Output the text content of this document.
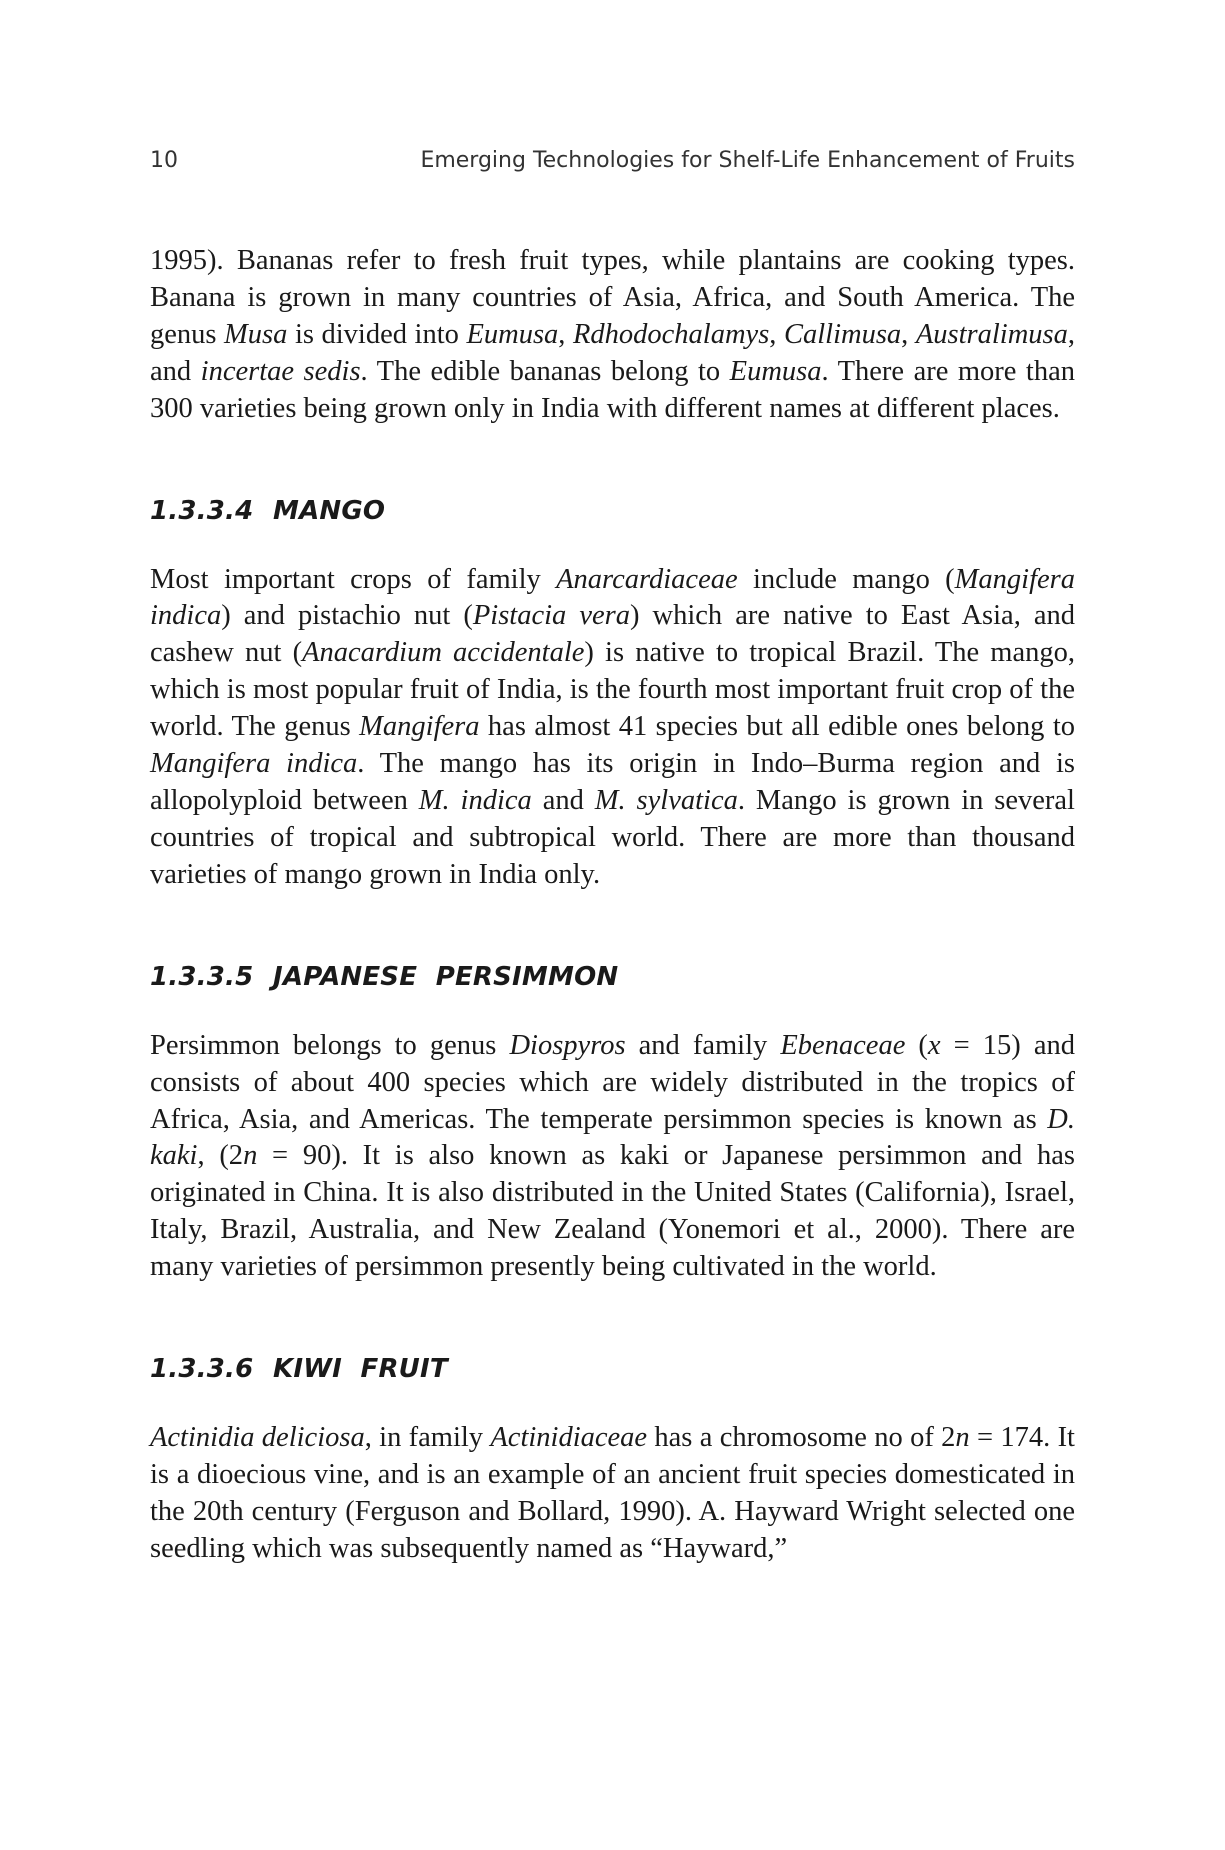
10	Emerging Technologies for Shelf-Life Enhancement of Fruits

1995). Bananas refer to fresh fruit types, while plantains are cooking types. Banana is grown in many countries of Asia, Africa, and South America. The genus Musa is divided into Eumusa, Rdhodochalamys, Callimusa, Australimusa, and incertae sedis. The edible bananas belong to Eumusa. There are more than 300 varieties being grown only in India with different names at different places.

1.3.3.4 MANGO

Most important crops of family Anarcardiaceae include mango (Mangifera indica) and pistachio nut (Pistacia vera) which are native to East Asia, and cashew nut (Anacardium accidentale) is native to tropical Brazil. The mango, which is most popular fruit of India, is the fourth most important fruit crop of the world. The genus Mangifera has almost 41 species but all edible ones belong to Mangifera indica. The mango has its origin in Indo–Burma region and is allopolyploid between M. indica and M. sylvatica. Mango is grown in several countries of tropical and subtropical world. There are more than thousand varieties of mango grown in India only.

1.3.3.5 JAPANESE  PERSIMMON

Persimmon belongs to genus Diospyros and family Ebenaceae (x = 15) and consists of about 400 species which are widely distributed in the tropics of Africa, Asia, and Americas. The temperate persimmon species is known as D. kaki, (2n = 90). It is also known as kaki or Japanese persimmon and has originated in China. It is also distributed in the United States (California), Israel, Italy, Brazil, Australia, and New Zealand (Yonemori et al., 2000). There are many varieties of persimmon presently being cultivated in the world.

1.3.3.6 KIWI  FRUIT

Actinidia deliciosa, in family Actinidiaceae has a chromosome no of 2n = 174. It is a dioecious vine, and is an example of an ancient fruit species domesticated in the 20th century (Ferguson and Bollard, 1990). A. Hayward Wright selected one seedling which was subsequently named as “Hayward,”
